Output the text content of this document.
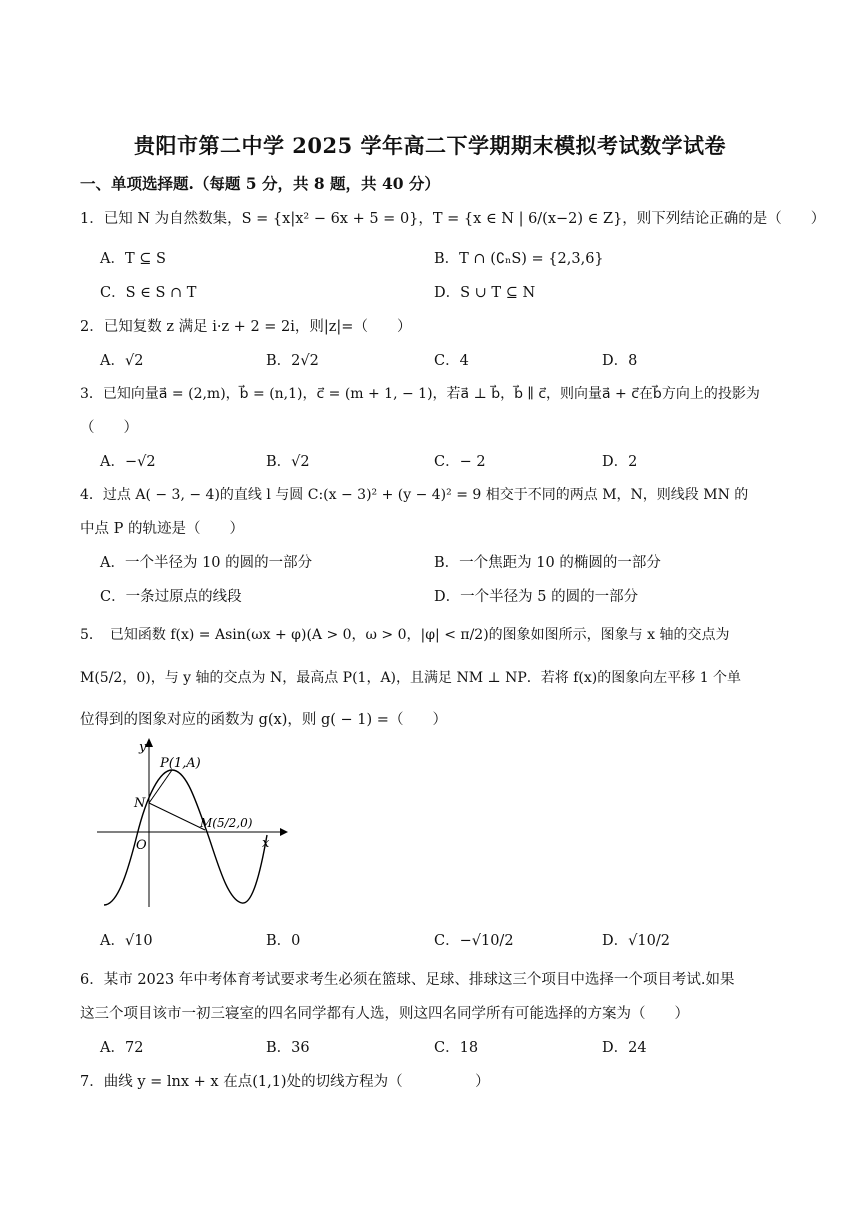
贵阳市第二中学 2025 学年高二下学期期末模拟考试数学试卷
一、单项选择题.（每题 5 分，共 8 题，共 40 分）
1．已知 N 为自然数集，S = {x|x² − 6x + 5 = 0}，T = {x ∈ N | 6/(x−2) ∈ Z}，则下列结论正确的是（　　）
A．T ⊆ S	B．T ∩ (∁ₙS) = {2,3,6}
C．S ∈ S ∩ T	D．S ∪ T ⊆ N
2．已知复数 z 满足 i·z + 2 = 2i，则|z|=（　　）
A．√2	B．2√2	C．4	D．8
3．已知向量a⃗ = (2,m)，b⃗ = (n,1)，c⃗ = (m + 1, − 1)，若a⃗ ⊥ b⃗，b⃗ ∥ c⃗，则向量a⃗ + c⃗在b⃗方向上的投影为
（　　）
A．−√2	B．√2	C．− 2	D．2
4．过点 A( − 3, − 4)的直线 l 与圆 C:(x − 3)² + (y − 4)² = 9 相交于不同的两点 M，N，则线段 MN 的
中点 P 的轨迹是（　　）
A．一个半径为 10 的圆的一部分	B．一个焦距为 10 的椭圆的一部分
C．一条过原点的线段	D．一个半径为 5 的圆的一部分
5．　已知函数 f(x) = Asin(ωx + φ)(A > 0，ω > 0，|φ| < π/2)的图象如图所示，图象与 x 轴的交点为
M(5/2，0)，与 y 轴的交点为 N，最高点 P(1，A)，且满足 NM ⊥ NP．若将 f(x)的图象向左平移 1 个单
位得到的图象对应的函数为 g(x)，则 g( − 1) =（　　）
y
x
O
N
P(1,A)
M(5/2,0)
A．√10	B．0	C．−√10/2	D．√10/2
6．某市 2023 年中考体育考试要求考生必须在篮球、足球、排球这三个项目中选择一个项目考试.如果
这三个项目该市一初三寝室的四名同学都有人选，则这四名同学所有可能选择的方案为（　　）
A．72	B．36	C．18	D．24
7．曲线 y = lnx + x 在点(1,1)处的切线方程为（　　　　　）
